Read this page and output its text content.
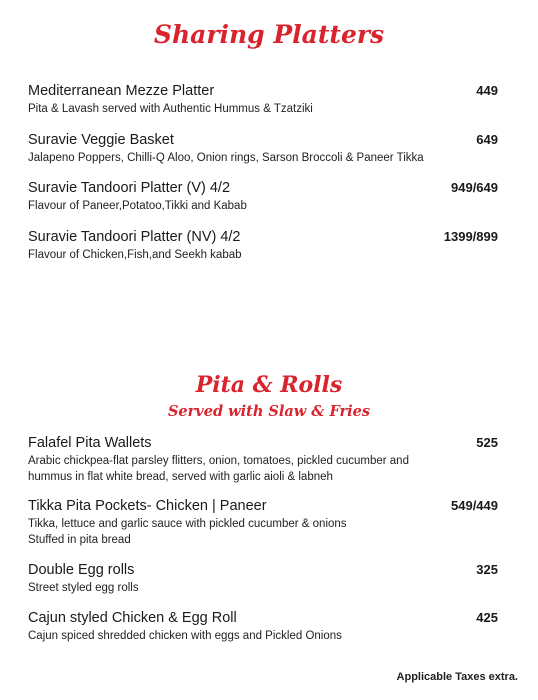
Sharing Platters
Mediterranean Mezze Platter
Pita & Lavash served with Authentic Hummus & Tzatziki
449
Suravie Veggie Basket
Jalapeno Poppers, Chilli-Q Aloo, Onion rings, Sarson Broccoli & Paneer Tikka
649
Suravie Tandoori Platter (V) 4/2
Flavour of Paneer,Potatoo,Tikki and Kabab
949/649
Suravie Tandoori Platter (NV) 4/2
Flavour of Chicken,Fish,and Seekh kabab
1399/899
Pita & Rolls
Served with Slaw & Fries
Falafel Pita Wallets
Arabic chickpea-flat parsley flitters, onion, tomatoes, pickled cucumber and
hummus in flat white bread, served with garlic aioli & labneh
525
Tikka Pita Pockets- Chicken | Paneer
Tikka, lettuce and garlic sauce with pickled cucumber & onions
Stuffed in pita bread
549/449
Double Egg rolls
Street styled egg rolls
325
Cajun styled Chicken & Egg Roll
Cajun spiced shredded chicken with eggs and Pickled Onions
425
Applicable Taxes extra.
